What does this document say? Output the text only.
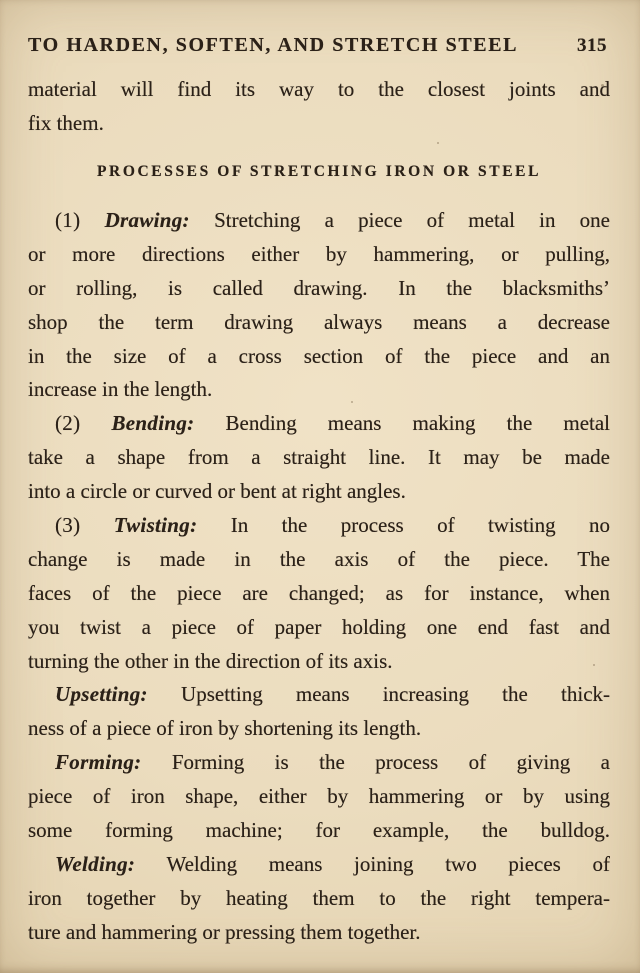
TO HARDEN, SOFTEN, AND STRETCH STEEL	315

material will find its way to the closest joints and
fix them.

PROCESSES OF STRETCHING IRON OR STEEL

(1) Drawing: Stretching a piece of metal in one
or more directions either by hammering, or pulling,
or rolling, is called drawing. In the blacksmiths’
shop the term drawing always means a decrease
in the size of a cross section of the piece and an
increase in the length.

(2) Bending: Bending means making the metal
take a shape from a straight line. It may be made
into a circle or curved or bent at right angles.

(3) Twisting: In the process of twisting no
change is made in the axis of the piece. The
faces of the piece are changed; as for instance, when
you twist a piece of paper holding one end fast and
turning the other in the direction of its axis.

Upsetting: Upsetting means increasing the thick-
ness of a piece of iron by shortening its length.

Forming: Forming is the process of giving a
piece of iron shape, either by hammering or by using
some forming machine; for example, the bulldog.

Welding: Welding means joining two pieces of
iron together by heating them to the right tempera-
ture and hammering or pressing them together.
